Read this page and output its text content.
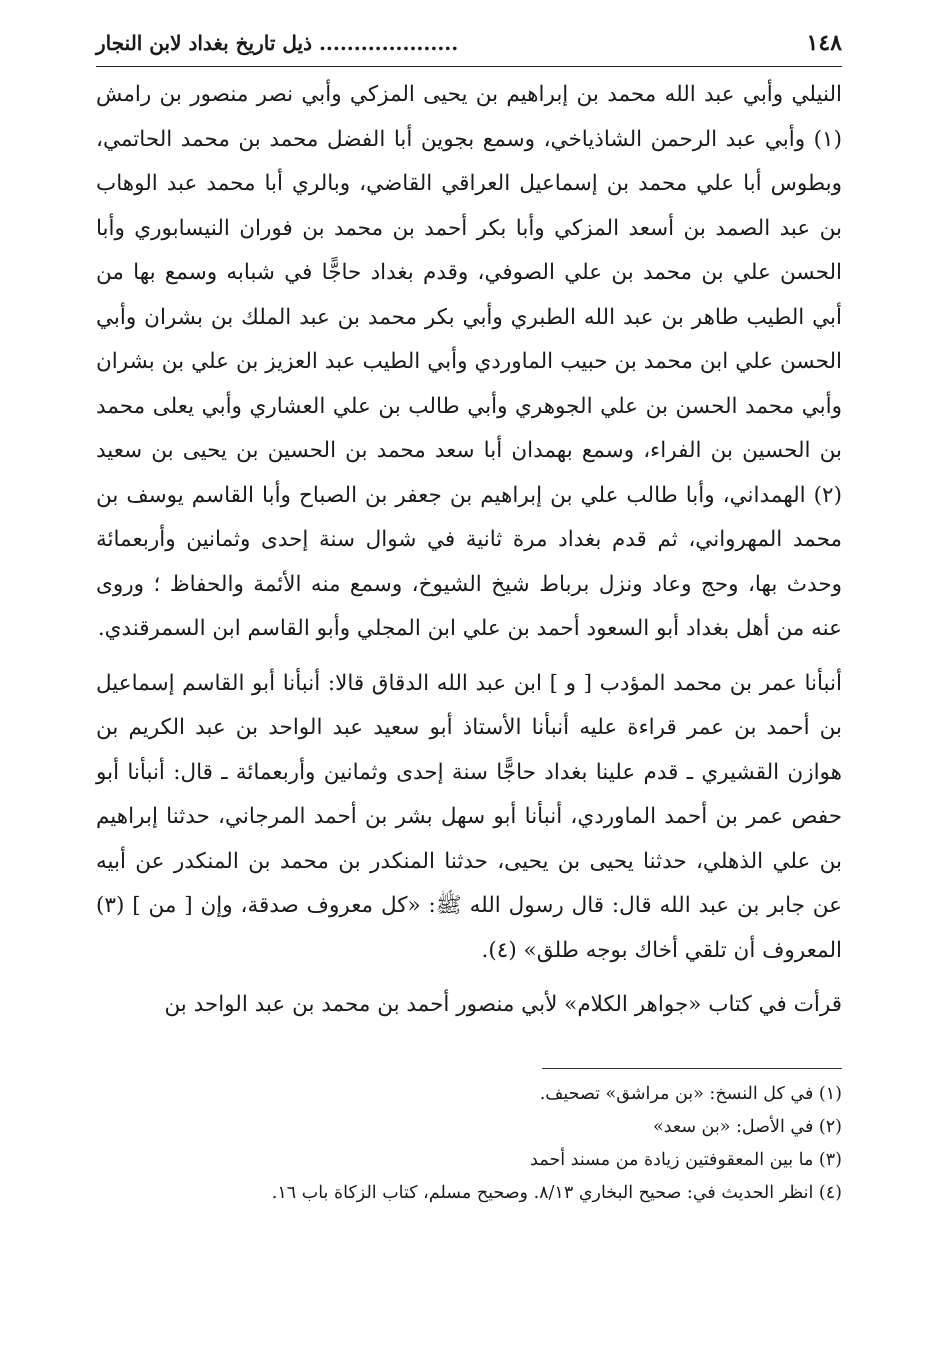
١٤٨
.................... ذيل تاريخ بغداد لابن النجار

النيلي وأبي عبد الله محمد بن إبراهيم بن يحيى المزكي وأبي نصر منصور بن رامش (١) وأبي عبد الرحمن الشاذياخي، وسمع بجوين أبا الفضل محمد بن محمد الحاتمي، وبطوس أبا علي محمد بن إسماعيل العراقي القاضي، وبالري أبا محمد عبد الوهاب بن عبد الصمد بن أسعد المزكي وأبا بكر أحمد بن محمد بن فوران النيسابوري وأبا الحسن علي بن محمد بن علي الصوفي، وقدم بغداد حاجًّا في شبابه وسمع بها من أبي الطيب طاهر بن عبد الله الطبري وأبي بكر محمد بن عبد الملك بن بشران وأبي الحسن علي ابن محمد بن حبيب الماوردي وأبي الطيب عبد العزيز بن علي بن بشران وأبي محمد الحسن بن علي الجوهري وأبي طالب بن علي العشاري وأبي يعلى محمد بن الحسين بن الفراء، وسمع بهمدان أبا سعد محمد بن الحسين بن يحيى بن سعيد (٢) الهمداني، وأبا طالب علي بن إبراهيم بن جعفر بن الصباح وأبا القاسم يوسف بن محمد المهرواني، ثم قدم بغداد مرة ثانية في شوال سنة إحدى وثمانين وأربعمائة وحدث بها، وحج وعاد ونزل برباط شيخ الشيوخ، وسمع منه الأئمة والحفاظ ؛ وروى عنه من أهل بغداد أبو السعود أحمد بن علي ابن المجلي وأبو القاسم ابن السمرقندي.

أنبأنا عمر بن محمد المؤدب [ و ] ابن عبد الله الدقاق قالا: أنبأنا أبو القاسم إسماعيل بن أحمد بن عمر قراءة عليه أنبأنا الأستاذ أبو سعيد عبد الواحد بن عبد الكريم بن هوازن القشيري ـ قدم علينا بغداد حاجًّا سنة إحدى وثمانين وأربعمائة ـ قال: أنبأنا أبو حفص عمر بن أحمد الماوردي، أنبأنا أبو سهل بشر بن أحمد المرجاني، حدثنا إبراهيم بن علي الذهلي، حدثنا يحيى بن يحيى، حدثنا المنكدر بن محمد بن المنكدر عن أبيه عن جابر بن عبد الله قال: قال رسول الله ﷺ: «كل معروف صدقة، وإن [ من ] (٣) المعروف أن تلقي أخاك بوجه طلق» (٤).

قرأت في كتاب «جواهر الكلام» لأبي منصور أحمد بن محمد بن عبد الواحد بن

(١) في كل النسخ: «بن مراشق» تصحيف.
(٢) في الأصل: «بن سعد»
(٣) ما بين المعقوفتين زيادة من مسند أحمد
(٤) انظر الحديث في: صحيح البخاري ٨/١٣. وصحيح مسلم، كتاب الزكاة باب ١٦.
